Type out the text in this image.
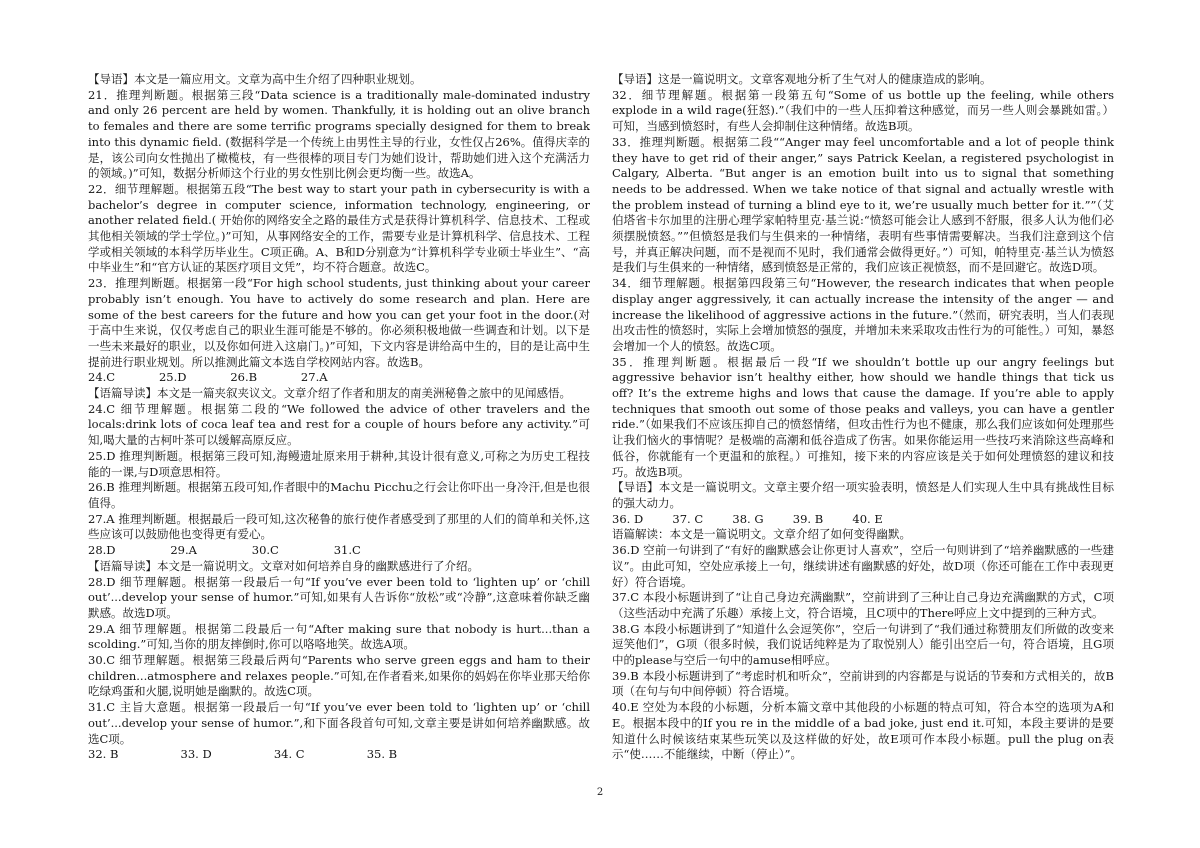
【导语】本文是一篇应用文。文章为高中生介绍了四种职业规划。

21．推理判断题。根据第三段“Data science is a traditionally male-dominated industry and only 26 percent are held by women. Thankfully, it is holding out an olive branch to females and there are some terrific programs specially designed for them to break into this dynamic field. (数据科学是一个传统上由男性主导的行业，女性仅占26%。值得庆幸的是，该公司向女性抛出了橄榄枝，有一些很棒的项目专门为她们设计，帮助她们进入这个充满活力的领域。)”可知，数据分析师这个行业的男女性别比例会更均衡一些。故选A。

22．细节理解题。根据第五段“The best way to start your path in cybersecurity is with a bachelor’s degree in computer science, information technology, engineering, or another related field.( 开始你的网络安全之路的最佳方式是获得计算机科学、信息技术、工程或其他相关领域的学士学位。)”可知，从事网络安全的工作，需要专业是计算机科学、信息技术、工程学或相关领域的本科学历毕业生。C项正确。A、B和D分别意为“计算机科学专业硕士毕业生”、“高中毕业生”和“官方认证的某医疗项目文凭”，均不符合题意。故选C。

23．推理判断题。根据第一段“For high school students, just thinking about your career probably isn’t enough. You have to actively do some research and plan. Here are some of the best careers for the future and how you can get your foot in the door.(对于高中生来说，仅仅考虑自己的职业生涯可能是不够的。你必须积极地做一些调查和计划。以下是一些未来最好的职业，以及你如何进入这扇门。)”可知，下文内容是讲给高中生的，目的是让高中生提前进行职业规划。所以推测此篇文本选自学校网站内容。故选B。

24.C            25.D            26.B            27.A

【语篇导读】本文是一篇夹叙夹议文。文章介绍了作者和朋友的南美洲秘鲁之旅中的见闻感悟。

24.C 细节理解题。根据第二段的“We followed the advice of other travelers and the locals:drink lots of coca leaf tea and rest for a couple of hours before any activity.”可知,喝大量的古柯叶茶可以缓解高原反应。

25.D 推理判断题。根据第三段可知,海鳗遗址原来用于耕种,其设计很有意义,可称之为历史工程技能的一课,与D项意思相符。

26.B 推理判断题。根据第五段可知,作者眼中的Machu Picchu之行会让你吓出一身冷汗,但是也很值得。

27.A 推理判断题。根据最后一段可知,这次秘鲁的旅行使作者感受到了那里的人们的简单和关怀,这些应该可以鼓励他也变得更有爱心。

28.D               29.A               30.C               31.C

【语篇导读】本文是一篇说明文。文章对如何培养自身的幽默感进行了介绍。

28.D 细节理解题。根据第一段最后一句“If you’ve ever been told to ‘lighten up’ or ‘chill out’...develop your sense of humor.”可知,如果有人告诉你“放松”或“冷静”,这意味着你缺乏幽默感。故选D项。

29.A 细节理解题。根据第二段最后一句“After making sure that nobody is hurt...than a scolding.”可知,当你的朋友摔倒时,你可以咯咯地笑。故选A项。

30.C 细节理解题。根据第三段最后两句“Parents who serve green eggs and ham to their children...atmosphere and relaxes people.”可知,在作者看来,如果你的妈妈在你毕业那天给你吃绿鸡蛋和火腿,说明她是幽默的。故选C项。

31.C 主旨大意题。根据第一段最后一句“If you’ve ever been told to ‘lighten up’ or ‘chill out’...develop your sense of humor.”,和下面各段首句可知,文章主要是讲如何培养幽默感。故选C项。

32. B                 33. D                 34. C                 35. B

【导语】这是一篇说明文。文章客观地分析了生气对人的健康造成的影响。

32．细节理解题。根据第一段第五句“Some of us bottle up the feeling, while others explode in a wild rage(狂怒).”（我们中的一些人压抑着这种感觉，而另一些人则会暴跳如雷。）可知，当感到愤怒时，有些人会抑制住这种情绪。故选B项。

33．推理判断题。根据第二段““Anger may feel uncomfortable and a lot of people think they have to get rid of their anger,” says Patrick Keelan, a registered psychologist in Calgary, Alberta. “But anger is an emotion built into us to signal that something needs to be addressed. When we take notice of that signal and actually wrestle with the problem instead of turning a blind eye to it, we’re usually much better for it.””（艾伯塔省卡尔加里的注册心理学家帕特里克·基兰说:“愤怒可能会让人感到不舒服，很多人认为他们必须摆脱愤怒。””但愤怒是我们与生俱来的一种情绪，表明有些事情需要解决。当我们注意到这个信号，并真正解决问题，而不是视而不见时，我们通常会做得更好。”）可知，帕特里克·基兰认为愤怒是我们与生俱来的一种情绪，感到愤怒是正常的，我们应该正视愤怒，而不是回避它。故选D项。

34．细节理解题。根据第四段第三句“However, the research indicates that when people display anger aggressively, it can actually increase the intensity of the anger — and increase the likelihood of aggressive actions in the future.”（然而，研究表明，当人们表现出攻击性的愤怒时，实际上会增加愤怒的强度，并增加未来采取攻击性行为的可能性。）可知，暴怒会增加一个人的愤怒。故选C项。

35．推理判断题。根据最后一段“If we shouldn’t bottle up our angry feelings but aggressive behavior isn’t healthy either, how should we handle things that tick us off? It’s the extreme highs and lows that cause the damage. If you’re able to apply techniques that smooth out some of those peaks and valleys, you can have a gentler ride.”（如果我们不应该压抑自己的愤怒情绪，但攻击性行为也不健康，那么我们应该如何处理那些让我们恼火的事情呢？是极端的高潮和低谷造成了伤害。如果你能运用一些技巧来消除这些高峰和低谷，你就能有一个更温和的旅程。）可推知，接下来的内容应该是关于如何处理愤怒的建议和技巧。故选B项。

【导语】本文是一篇说明文。文章主要介绍一项实验表明，愤怒是人们实现人生中具有挑战性目标的强大动力。

36. D        37. C        38. G        39. B        40. E

语篇解读：本文是一篇说明文。文章介绍了如何变得幽默。

36.D 空前一句讲到了“有好的幽默感会让你更讨人喜欢”，空后一句则讲到了“培养幽默感的一些建议”。由此可知，空处应承接上一句，继续讲述有幽默感的好处，故D项（你还可能在工作中表现更好）符合语境。

37.C 本段小标题讲到了“让自己身边充满幽默”，空前讲到了三种让自己身边充满幽默的方式，C项（这些活动中充满了乐趣）承接上文，符合语境，且C项中的There呼应上文中提到的三种方式。

38.G 本段小标题讲到了“知道什么会逗笑你”，空后一句讲到了“我们通过称赞朋友们所做的改变来逗笑他们”，G项（很多时候，我们说话纯粹是为了取悦别人）能引出空后一句，符合语境，且G项中的please与空后一句中的amuse相呼应。

39.B 本段小标题讲到了“考虑时机和听众”，空前讲到的内容都是与说话的节奏和方式相关的，故B项（在句与句中间停顿）符合语境。

40.E 空处为本段的小标题，分析本篇文章中其他段的小标题的特点可知，符合本空的选项为A和E。根据本段中的If you re in the middle of a bad joke, just end it.可知，本段主要讲的是要知道什么时候该结束某些玩笑以及这样做的好处，故E项可作本段小标题。pull the plug on表示“使……不能继续，中断（停止）”。

2
